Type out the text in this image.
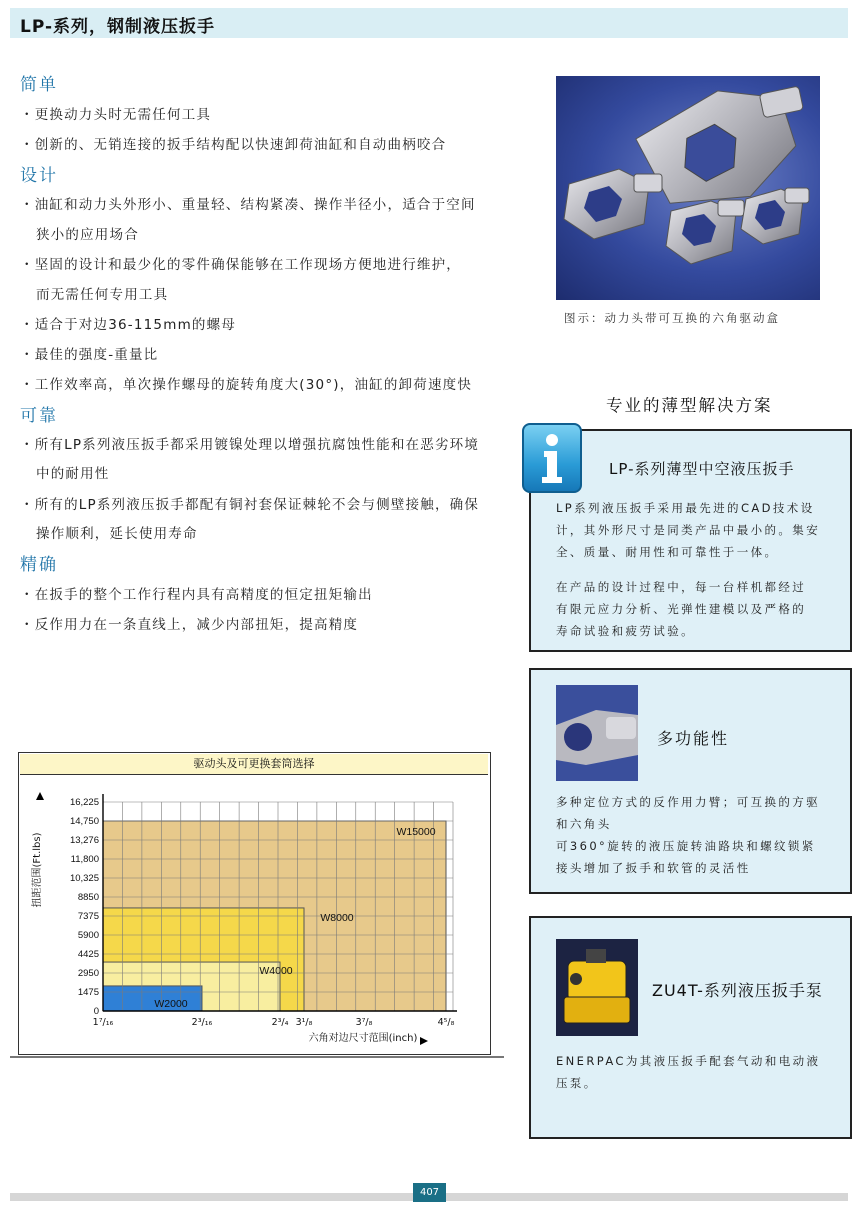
LP-系列，钢制液压扳手
简单
・更换动力头时无需任何工具
・创新的、无销连接的扳手结构配以快速卸荷油缸和自动曲柄咬合
设计
・油缸和动力头外形小、重量轻、结构紧凑、操作半径小，适合于空间
狭小的应用场合
・坚固的设计和最少化的零件确保能够在工作现场方便地进行维护，
而无需任何专用工具
・适合于对边36-115mm的螺母
・最佳的强度-重量比
・工作效率高，单次操作螺母的旋转角度大(30°)，油缸的卸荷速度快
可靠
・所有LP系列液压扳手都采用镀镍处理以增强抗腐蚀性能和在恶劣环境
中的耐用性
・所有的LP系列液压扳手都配有铜衬套保证棘轮不会与侧壁接触，确保
操作顺利，延长使用寿命
精确
・在扳手的整个工作行程内具有高精度的恒定扭矩输出
・反作用力在一条直线上，减少内部扭矩，提高精度
图示：动力头带可互换的六角驱动盒
专业的薄型解决方案
LP-系列薄型中空液压扳手
LP系列液压扳手采用最先进的CAD技术设
计，其外形尺寸是同类产品中最小的。集安
全、质量、耐用性和可靠性于一体。
在产品的设计过程中，每一台样机都经过
有限元应力分析、光弹性建模以及严格的
寿命试验和疲劳试验。
多功能性
多种定位方式的反作用力臂；可互换的方驱
和六角头
可360°旋转的液压旋转油路块和螺纹锁紧
接头增加了扳手和软管的灵活性
ZU4T-系列液压扳手泵
ENERPAC为其液压扳手配套气动和电动液
压泵。
驱动头及可更换套筒选择
16,225
14,750
13,276
11,800
10,325
8850
7375
5900
4425
2950
1475
0
1⁷/₁₆	2³/₁₆	2³/₄ 3¹/₈	3⁷/₈	4⁵/₈
W2000
W4000
W8000
W15000
扭距范围(Ft.lbs)
六角对边尺寸范围(inch)
407
